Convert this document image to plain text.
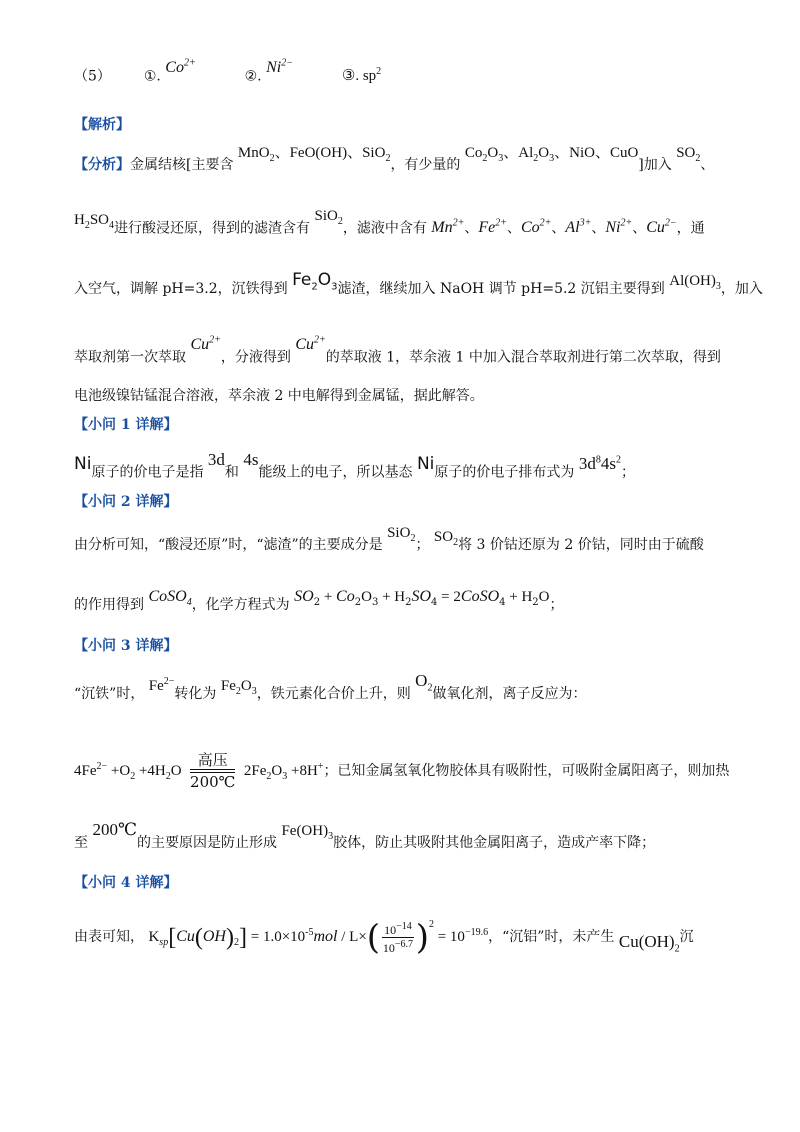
（5） ①. $Co^{2+}$  ②. $Ni^{2-}$  ③. $sp^2$
【解析】
【分析】金属结核[主要含 MnO$_2$、FeO(OH)、SiO$_2$，有少量的 $Co_2O_3$、$Al_2O_3$、NiO、CuO]加入 $SO_2$、
$H_2SO_4$进行酸浸还原，得到的滤渣含有 SiO$_2$，滤液中含有 $Mn^{2+}$、$Fe^{2+}$、$Co^{2+}$、$Al^{3+}$、$Ni^{2+}$、$Cu^{2-}$，通
入空气，调解 pH=3.2，沉铁得到 $Fe_2O_3$滤渣，继续加入 NaOH 调节 pH=5.2 沉铝主要得到 $Al(OH)_3$，加入
萃取剂第一次萃取 $Cu^{2+}$，分液得到 $Cu^{2+}$的萃取液 1，萃余液 1 中加入混合萃取剂进行第二次萃取，得到
电池级镍钴锰混合溶液，萃余液 2 中电解得到金属锰，据此解答。
【小问 1 详解】
Ni原子的价电子是指 3d和 4s能级上的电子，所以基态 Ni原子的价电子排布式为 $3d^84s^2$；
【小问 2 详解】
由分析可知，“酸浸还原”时，“滤渣”的主要成分是 SiO$_2$； $SO_2$将 3 价钴还原为 2 价钴，同时由于硫酸
的作用得到 CoSO$_4$，化学方程式为 $SO_2 + Co_2O_3 + H_2SO_4$ = 2CoSO$_4$ + $H_2O$；
【小问 3 详解】
“沉铁”时， $Fe^{2-}$转化为 $Fe_2O_3$，铁元素化合价上升，则 $O_2$做氧化剂，离子反应为：
$4Fe^{2-} +O_2 +4H_2O$
高压
200℃
$2Fe_2O_3 +8H^+$；已知金属氢氧化物胶体具有吸附性，可吸附金属阳离子，则加热
至 200℃的主要原因是防止形成 $Fe(OH)_3$胶体，防止其吸附其他金属阳离子，造成产率下降；
【小问 4 详解】
由表可知， $K_{sp}[Cu(OH)_2] = 1.0\times 10^{-5}mol / L\times( \frac{10^{-14}}{10^{-6.7}} )^2 = 10^{-19.6}$，“沉铝”时，未产生 $Cu(OH)_2$沉
